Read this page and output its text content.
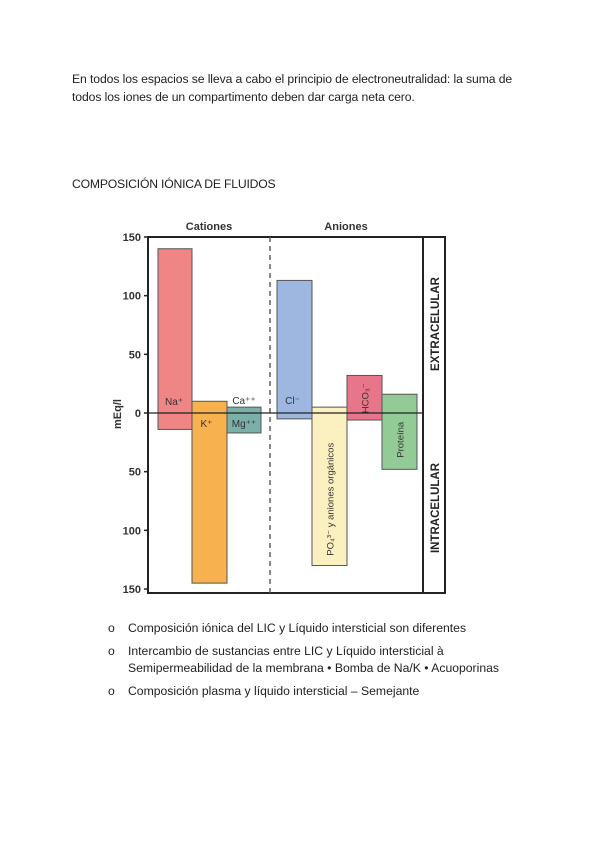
En todos los espacios se lleva a cabo el principio de electroneutralidad: la suma de todos los iones de un compartimento deben dar carga neta cero.
COMPOSICIÓN IÓNICA DE FLUIDOS
Cationes	Aniones
mEq/l
EXTRACELULAR
INTRACELULAR
150
100
50
0
50
100
150
Na⁺
K⁺
Ca⁺⁺
Mg⁺⁺
Cl⁻
PO₄³⁻ y aniones orgánicos
HCO₃⁻
Proteína
o Composición iónica del LIC y Líquido intersticial son diferentes
o Intercambio de sustancias entre LIC y Líquido intersticial à Semipermeabilidad de la membrana • Bomba de Na/K • Acuoporinas
o Composición plasma y líquido intersticial – Semejante
